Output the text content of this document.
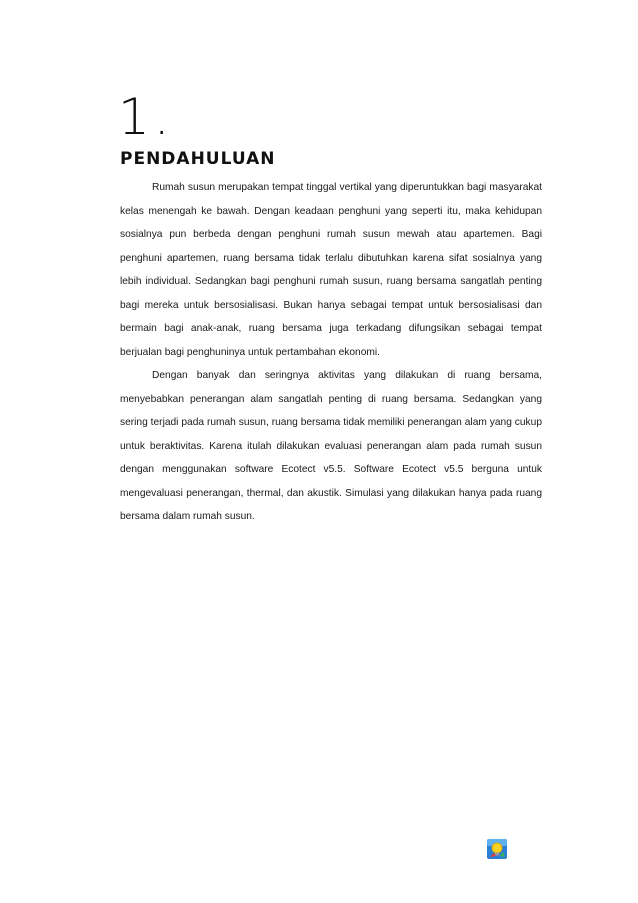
1.
PENDAHULUAN

Rumah susun merupakan tempat tinggal vertikal yang diperuntukkan bagi masyarakat kelas menengah ke bawah. Dengan keadaan penghuni yang seperti itu, maka kehidupan sosialnya pun berbeda dengan penghuni rumah susun mewah atau apartemen. Bagi penghuni apartemen, ruang bersama tidak terlalu dibutuhkan karena sifat sosialnya yang lebih individual. Sedangkan bagi penghuni rumah susun, ruang bersama sangatlah penting bagi mereka untuk bersosialisasi. Bukan hanya sebagai tempat untuk bersosialisasi dan bermain bagi anak-anak, ruang bersama juga terkadang difungsikan sebagai tempat berjualan bagi penghuninya untuk pertambahan ekonomi.

Dengan banyak dan seringnya aktivitas yang dilakukan di ruang bersama, menyebabkan penerangan alam sangatlah penting di ruang bersama. Sedangkan yang sering terjadi pada rumah susun, ruang bersama tidak memiliki penerangan alam yang cukup untuk beraktivitas. Karena itulah dilakukan evaluasi penerangan alam pada rumah susun dengan menggunakan software Ecotect v5.5. Software Ecotect v5.5 berguna untuk mengevaluasi penerangan, thermal, dan akustik. Simulasi yang dilakukan hanya pada ruang bersama dalam rumah susun.
